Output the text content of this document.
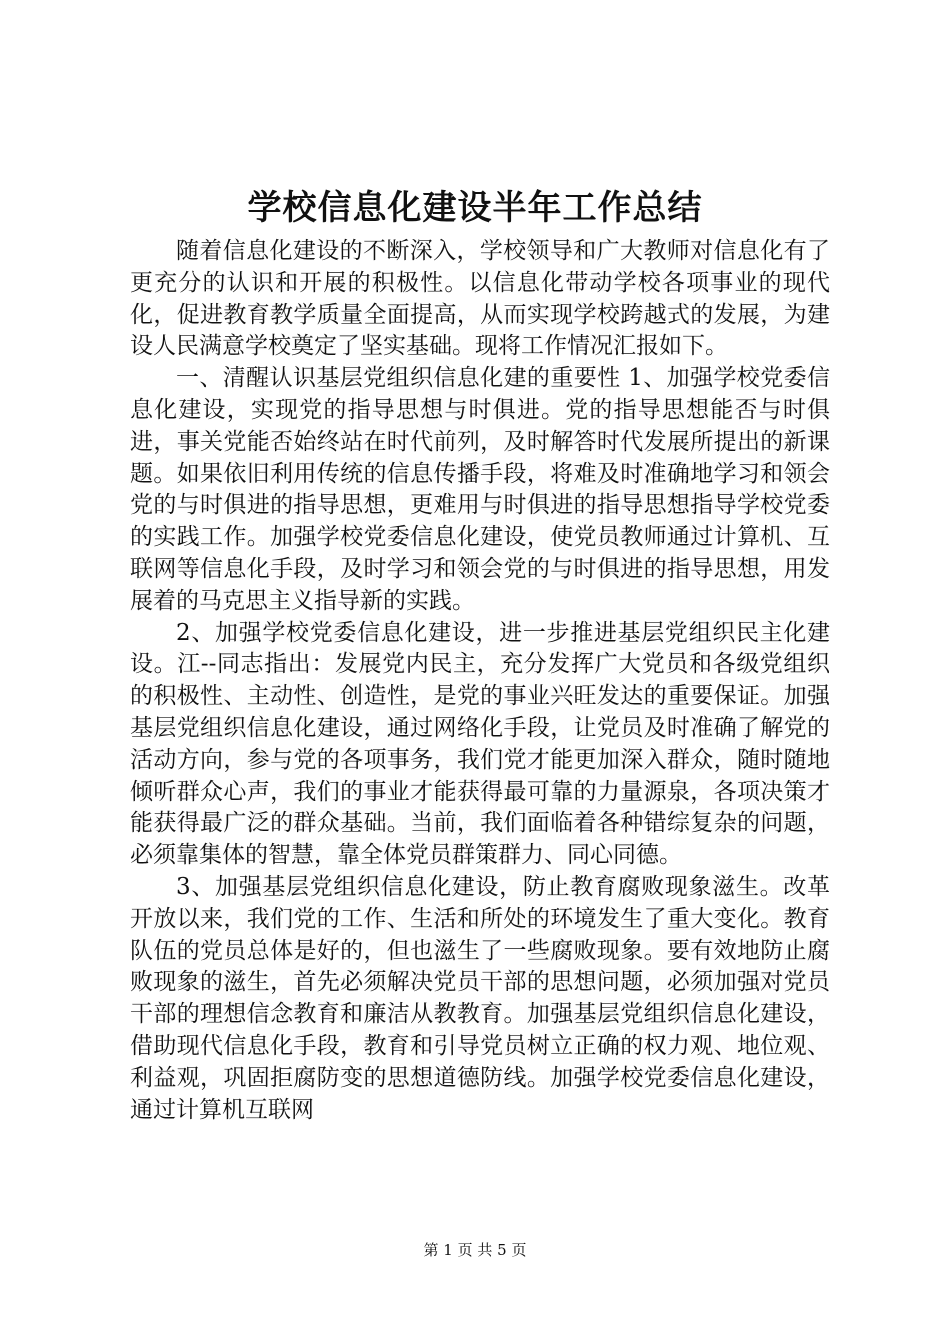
学校信息化建设半年工作总结

随着信息化建设的不断深入，学校领导和广大教师对信息化有了更充分的认识和开展的积极性。以信息化带动学校各项事业的现代化，促进教育教学质量全面提高，从而实现学校跨越式的发展，为建设人民满意学校奠定了坚实基础。现将工作情况汇报如下。

一、清醒认识基层党组织信息化建的重要性 1、加强学校党委信息化建设，实现党的指导思想与时俱进。党的指导思想能否与时俱进，事关党能否始终站在时代前列，及时解答时代发展所提出的新课题。如果依旧利用传统的信息传播手段，将难及时准确地学习和领会党的与时俱进的指导思想，更难用与时俱进的指导思想指导学校党委的实践工作。加强学校党委信息化建设，使党员教师通过计算机、互联网等信息化手段，及时学习和领会党的与时俱进的指导思想，用发展着的马克思主义指导新的实践。

2、加强学校党委信息化建设，进一步推进基层党组织民主化建设。江--同志指出：发展党内民主，充分发挥广大党员和各级党组织的积极性、主动性、创造性，是党的事业兴旺发达的重要保证。加强基层党组织信息化建设，通过网络化手段，让党员及时准确了解党的活动方向，参与党的各项事务，我们党才能更加深入群众，随时随地倾听群众心声，我们的事业才能获得最可靠的力量源泉，各项决策才能获得最广泛的群众基础。当前，我们面临着各种错综复杂的问题，必须靠集体的智慧，靠全体党员群策群力、同心同德。

3、加强基层党组织信息化建设，防止教育腐败现象滋生。改革开放以来，我们党的工作、生活和所处的环境发生了重大变化。教育队伍的党员总体是好的，但也滋生了一些腐败现象。要有效地防止腐败现象的滋生，首先必须解决党员干部的思想问题，必须加强对党员干部的理想信念教育和廉洁从教教育。加强基层党组织信息化建设，借助现代信息化手段，教育和引导党员树立正确的权力观、地位观、利益观，巩固拒腐防变的思想道德防线。加强学校党委信息化建设，通过计算机互联网

第 1 页 共 5 页
